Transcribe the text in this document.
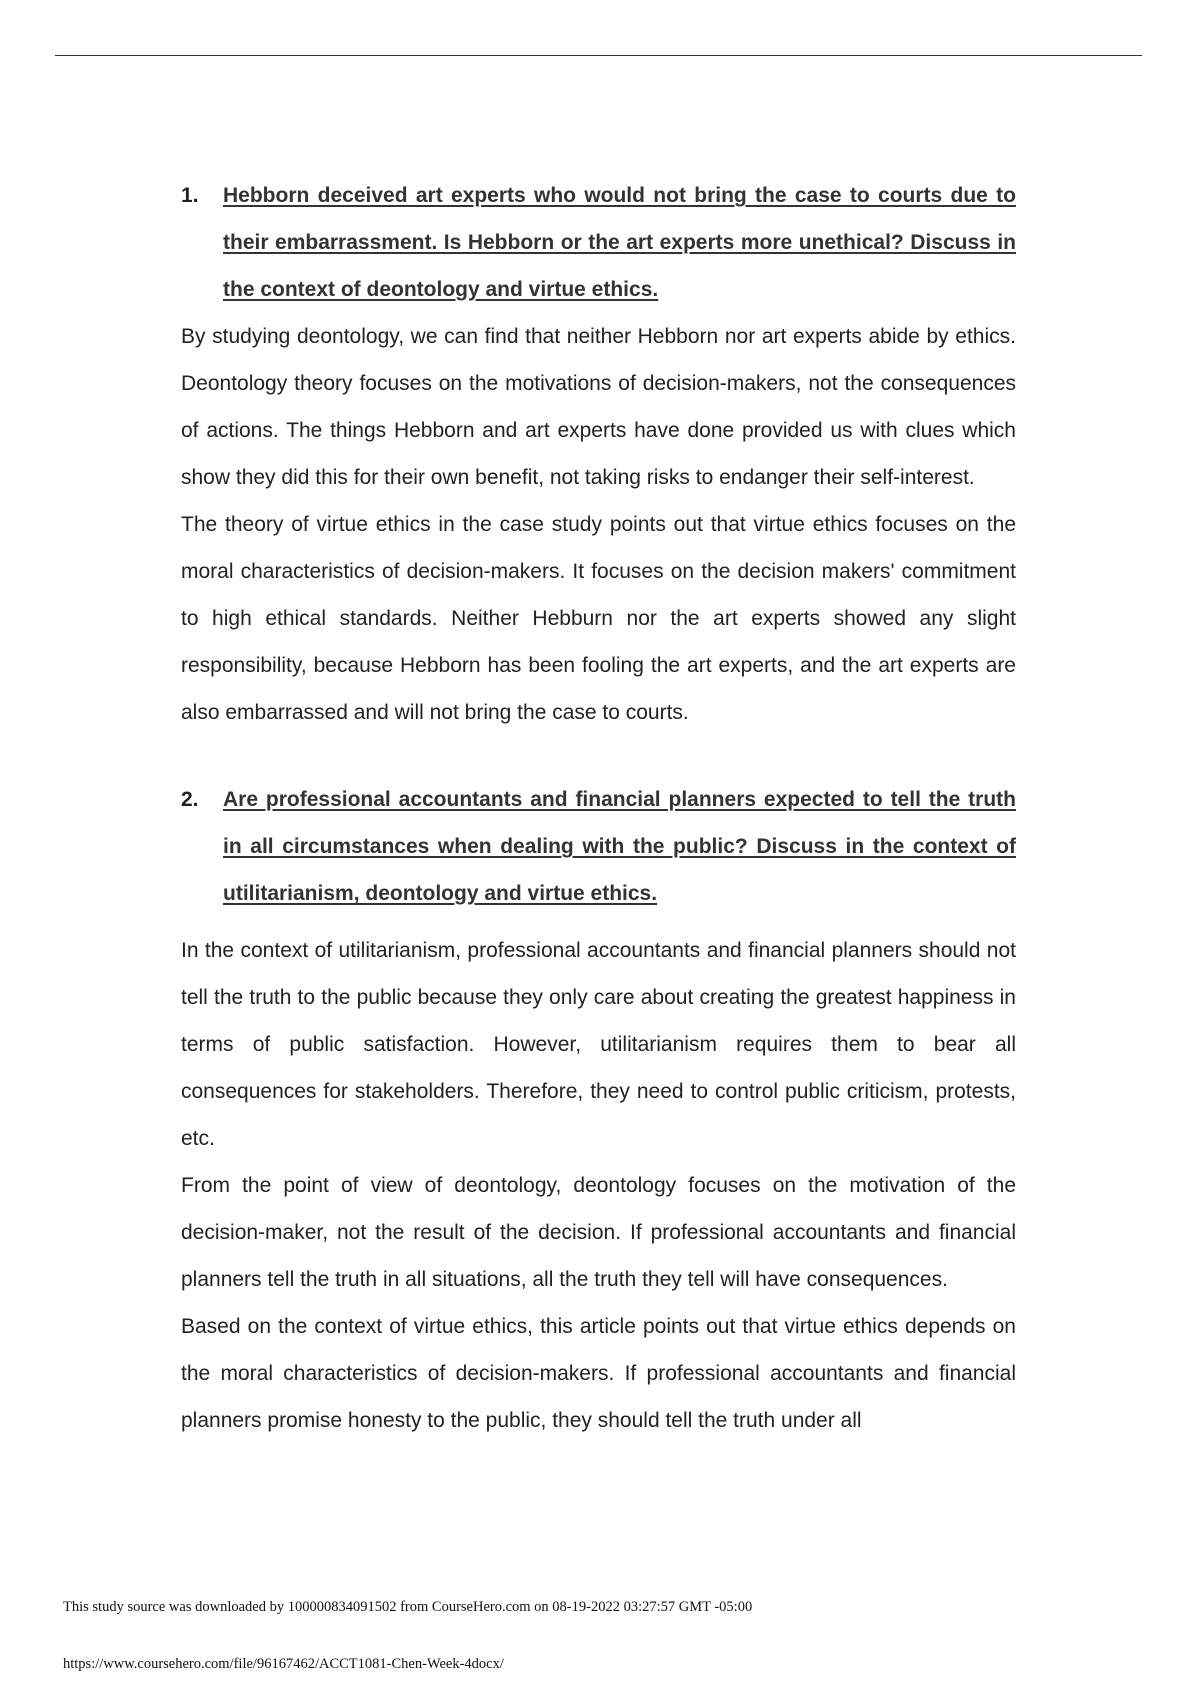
1.	Hebborn deceived art experts who would not bring the case to courts due to their embarrassment. Is Hebborn or the art experts more unethical? Discuss in the context of deontology and virtue ethics.

By studying deontology, we can find that neither Hebborn nor art experts abide by ethics. Deontology theory focuses on the motivations of decision-makers, not the consequences of actions. The things Hebborn and art experts have done provided us with clues which show they did this for their own benefit, not taking risks to endanger their self-interest.

The theory of virtue ethics in the case study points out that virtue ethics focuses on the moral characteristics of decision-makers. It focuses on the decision makers' commitment to high ethical standards. Neither Hebburn nor the art experts showed any slight responsibility, because Hebborn has been fooling the art experts, and the art experts are also embarrassed and will not bring the case to courts.

2.	Are professional accountants and financial planners expected to tell the truth in all circumstances when dealing with the public? Discuss in the context of utilitarianism, deontology and virtue ethics.

In the context of utilitarianism, professional accountants and financial planners should not tell the truth to the public because they only care about creating the greatest happiness in terms of public satisfaction. However, utilitarianism requires them to bear all consequences for stakeholders. Therefore, they need to control public criticism, protests, etc.

From the point of view of deontology, deontology focuses on the motivation of the decision-maker, not the result of the decision. If professional accountants and financial planners tell the truth in all situations, all the truth they tell will have consequences.

Based on the context of virtue ethics, this article points out that virtue ethics depends on the moral characteristics of decision-makers. If professional accountants and financial planners promise honesty to the public, they should tell the truth under all

This study source was downloaded by 100000834091502 from CourseHero.com on 08-19-2022 03:27:57 GMT -05:00
https://www.coursehero.com/file/96167462/ACCT1081-Chen-Week-4docx/
